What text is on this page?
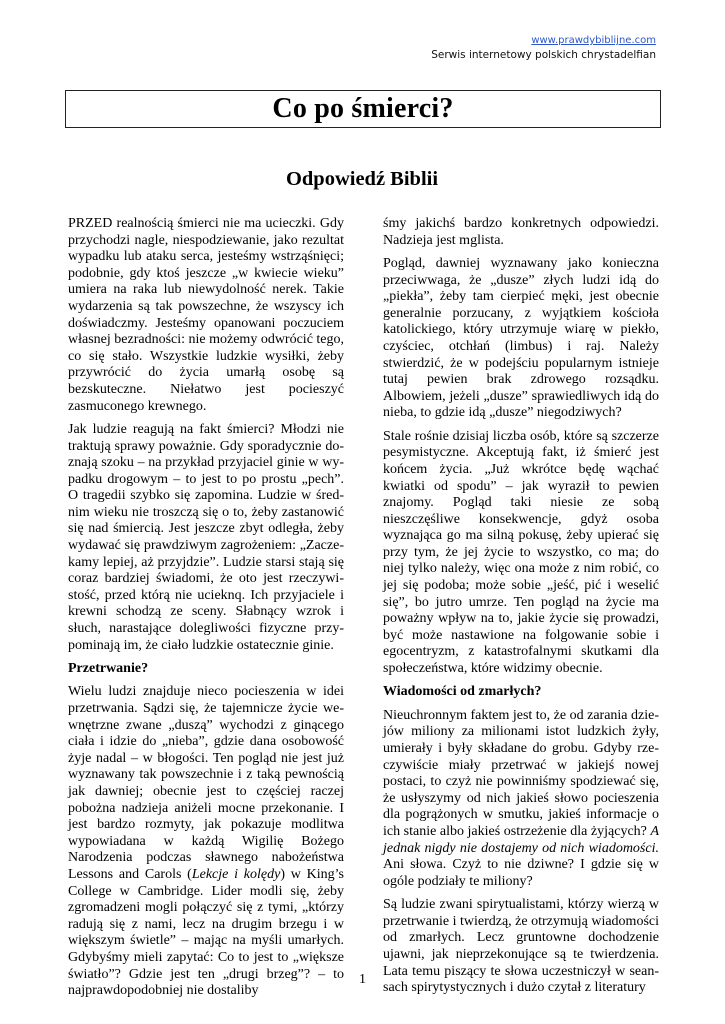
www.prawdybiblijne.com
Serwis internetowy polskich chrystadelfian
Co po śmierci?
Odpowiedź Biblii

PRZED realnością śmierci nie ma ucieczki. Gdy przychodzi nagle, niespodziewanie, jako rezultat wypadku lub ataku serca, jesteśmy wstrząśnięci; podobnie, gdy ktoś jeszcze „w kwiecie wieku” umiera na raka lub niewydolność nerek. Takie wydarzenia są tak powszechne, że wszyscy ich doświadczmy. Jesteśmy opanowani poczuciem własnej bezradności: nie możemy odwrócić tego, co się stało. Wszystkie ludzkie wysiłki, żeby przywrócić do życia umarłą osobę są bezskuteczne. Niełatwo jest pocieszyć zasmuconego krewnego.

Jak ludzie reagują na fakt śmierci? Młodzi nie traktują sprawy poważnie. Gdy sporadycznie doznają szoku – na przykład przyjaciel ginie w wypadku drogowym – to jest to po prostu „pech”. O tragedii szybko się zapomina. Ludzie w średnim wieku nie troszczą się o to, żeby zastanowić się nad śmiercią. Jest jeszcze zbyt odległa, żeby wydawać się prawdziwym zagrożeniem: „Zaczekamy lepiej, aż przyjdzie”. Ludzie starsi stają się coraz bardziej świadomi, że oto jest rzeczywistość, przed którą nie ucieknq. Ich przyjaciele i krewni schodzą ze sceny. Słabnący wzrok i słuch, narastające dolegliwości fizyczne przypominają im, że ciało ludzkie ostatecznie ginie.

Przetrwanie?

Wielu ludzi znajduje nieco pocieszenia w idei przetrwania. Sądzi się, że tajemnicze życie wewnętrzne zwane „duszą” wychodzi z ginącego ciała i idzie do „nieba”, gdzie dana osobowość żyje nadal – w błogości. Ten pogląd nie jest już wyznawany tak powszechnie i z taką pewnością jak dawniej; obecnie jest to częściej raczej pobożna nadzieja aniżeli mocne przekonanie. I jest bardzo rozmyty, jak pokazuje modlitwa wypowiadana w każdą Wigilię Bożego Narodzenia podczas sławnego nabożeństwa Lessons and Carols (Lekcje i kolędy) w King’s College w Cambridge. Lider modli się, żeby zgromadzeni mogli połączyć się z tymi, „którzy radują się z nami, lecz na drugim brzegu i w większym świetle” – mając na myśli umarłych. Gdybyśmy mieli zapytać: Co to jest to „większe światło”? Gdzie jest ten „drugi brzeg”? – to najprawdopodobniej nie dostaliby

śmy jakichś bardzo konkretnych odpowiedzi. Nadzieja jest mglista.

Pogląd, dawniej wyznawany jako konieczna przeciwwaga, że „dusze” złych ludzi idą do „piekła”, żeby tam cierpieć męki, jest obecnie generalnie porzucany, z wyjątkiem kościoła katolickiego, który utrzymuje wiarę w piekło, czyściec, otchłań (limbus) i raj. Należy stwierdzić, że w podejściu popularnym istnieje tutaj pewien brak zdrowego rozsądku. Albowiem, jeżeli „dusze” sprawiedliwych idą do nieba, to gdzie idą „dusze” niegodziwych?

Stale rośnie dzisiaj liczba osób, które są szczerze pesymistyczne. Akceptują fakt, iż śmierć jest końcem życia. „Już wkrótce będę wąchać kwiatki od spodu” – jak wyraził to pewien znajomy. Pogląd taki niesie ze sobą nieszczęśliwe konsekwencje, gdyż osoba wyznająca go ma silną pokusę, żeby upierać się przy tym, że jej życie to wszystko, co ma; do niej tylko należy, więc ona może z nim robić, co jej się podoba; może sobie „jeść, pić i weselić się”, bo jutro umrze. Ten pogląd na życie ma poważny wpływ na to, jakie życie się prowadzi, być może nastawione na folgowanie sobie i egocentryzm, z katastrofalnymi skutkami dla społeczeństwa, które widzimy obecnie.

Wiadomości od zmarłych?

Nieuchronnym faktem jest to, że od zarania dziejów miliony za milionami istot ludzkich żyły, umierały i były składane do grobu. Gdyby rzeczywiście miały przetrwać w jakiejś nowej postaci, to czyż nie powinniśmy spodziewać się, że usłyszymy od nich jakieś słowo pocieszenia dla pogrążonych w smutku, jakieś informacje o ich stanie albo jakieś ostrzeżenie dla żyjących? A jednak nigdy nie dostajemy od nich wiadomości. Ani słowa. Czyż to nie dziwne? I gdzie się w ogóle podziały te miliony?

Są ludzie zwani spirytualistami, którzy wierzą w przetrwanie i twierdzą, że otrzymują wiadomości od zmarłych. Lecz gruntowne dochodzenie ujawni, jak nieprzekonujące są te twierdzenia. Lata temu piszący te słowa uczestniczył w seansach spirytystycznych i dużo czytał z literatury

1
